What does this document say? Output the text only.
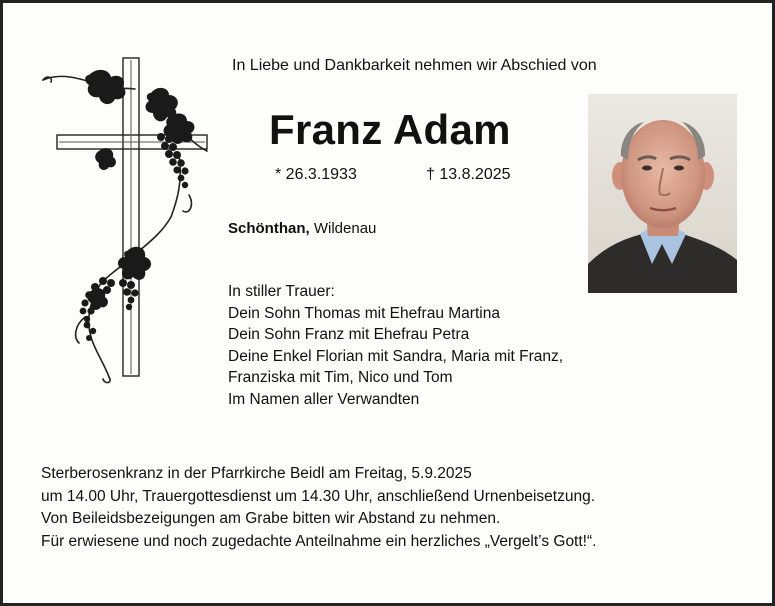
In Liebe und Dankbarkeit nehmen wir Abschied von
Franz Adam
* 26.3.1933	† 13.8.2025
Schönthan, Wildenau
In stiller Trauer:
Dein Sohn Thomas mit Ehefrau Martina
Dein Sohn Franz mit Ehefrau Petra
Deine Enkel Florian mit Sandra, Maria mit Franz,
Franziska mit Tim, Nico und Tom
Im Namen aller Verwandten
Sterberosenkranz in der Pfarrkirche Beidl am Freitag, 5.9.2025
um 14.00 Uhr, Trauergottesdienst um 14.30 Uhr, anschließend Urnenbeisetzung.
Von Beileidsbezeigungen am Grabe bitten wir Abstand zu nehmen.
Für erwiesene und noch zugedachte Anteilnahme ein herzliches „Vergelt’s Gott!“.
